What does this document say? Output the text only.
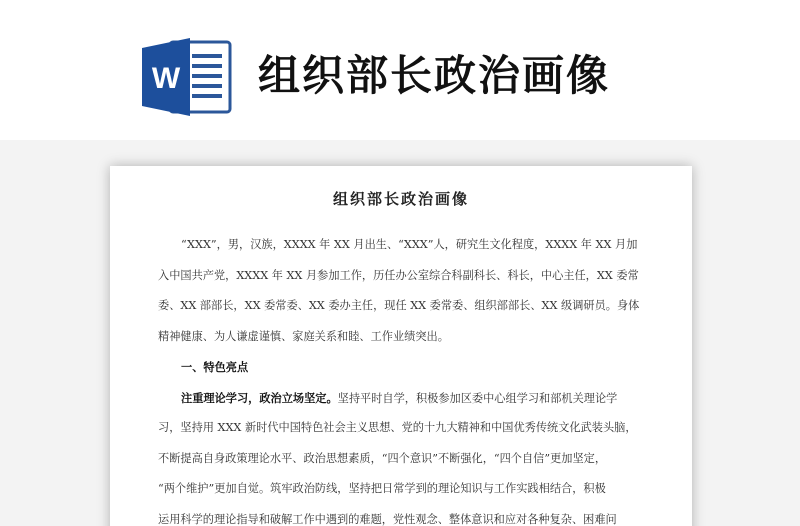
W 组织部长政治画像
组织部长政治画像
“XXX”，男，汉族，XXXX 年 XX 月出生、“XXX”人，研究生文化程度，XXXX 年 XX 月加
入中国共产党，XXXX 年 XX 月参加工作，历任办公室综合科副科长、科长，中心主任，XX 委常
委、XX 部部长，XX 委常委、XX 委办主任，现任 XX 委常委、组织部部长、XX 级调研员。身体
精神健康、为人谦虚谨慎、家庭关系和睦、工作业绩突出。
一、特色亮点
注重理论学习，政治立场坚定。坚持平时自学，积极参加区委中心组学习和部机关理论学
习，坚持用 XXX 新时代中国特色社会主义思想、党的十九大精神和中国优秀传统文化武装头脑，
不断提高自身政策理论水平、政治思想素质，“四个意识”不断强化，“四个自信”更加坚定，
“两个维护”更加自觉。筑牢政治防线，坚持把日常学到的理论知识与工作实践相结合，积极
运用科学的理论指导和破解工作中遇到的难题，党性观念、整体意识和应对各种复杂、困难问
